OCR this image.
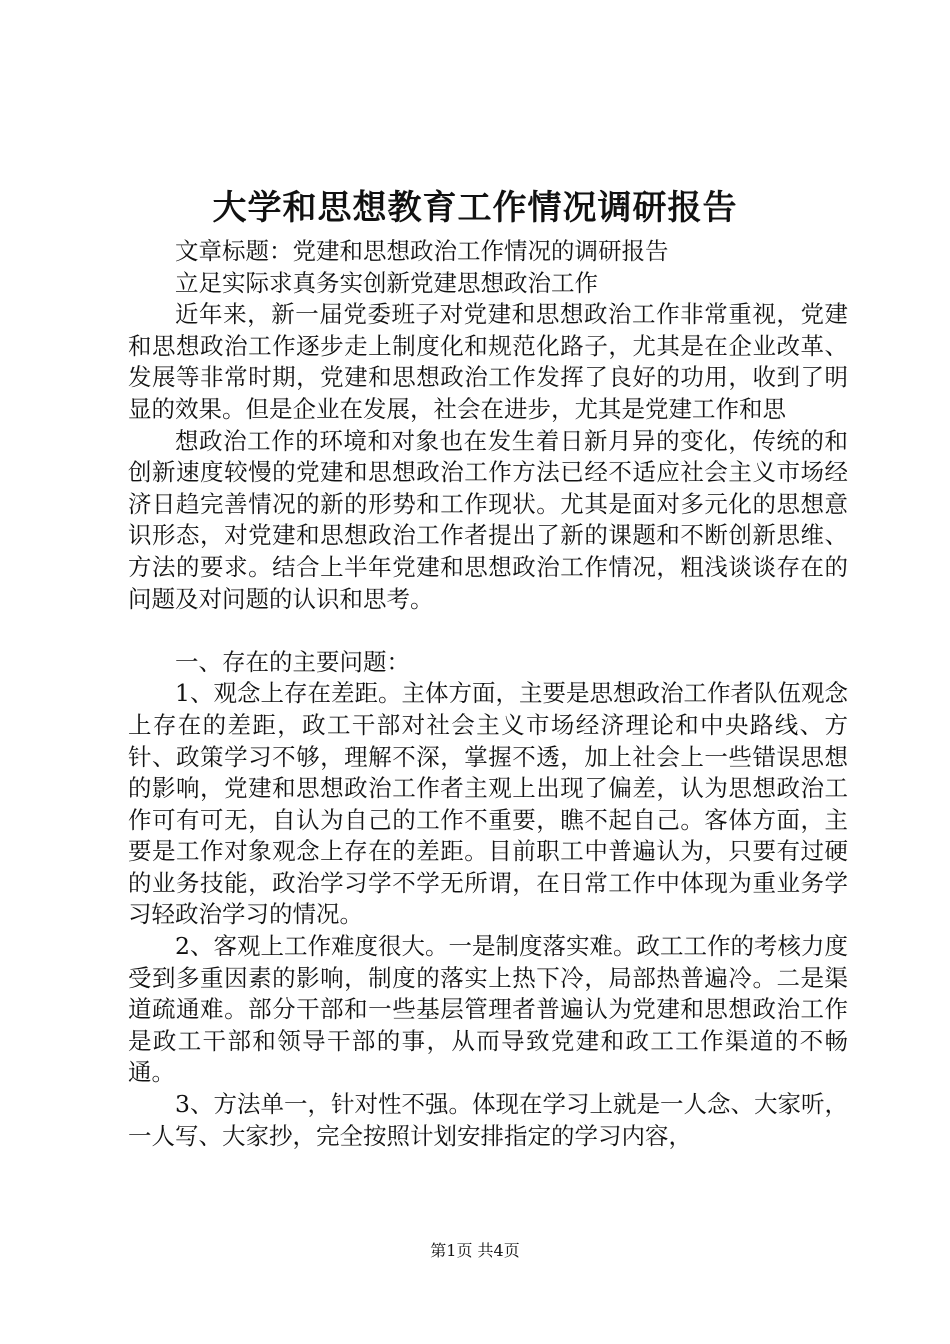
大学和思想教育工作情况调研报告

文章标题：党建和思想政治工作情况的调研报告

立足实际求真务实创新党建思想政治工作

近年来，新一届党委班子对党建和思想政治工作非常重视，党建和思想政治工作逐步走上制度化和规范化路子，尤其是在企业改革、发展等非常时期，党建和思想政治工作发挥了良好的功用，收到了明显的效果。但是企业在发展，社会在进步，尤其是党建工作和思

想政治工作的环境和对象也在发生着日新月异的变化，传统的和创新速度较慢的党建和思想政治工作方法已经不适应社会主义市场经济日趋完善情况的新的形势和工作现状。尤其是面对多元化的思想意识形态，对党建和思想政治工作者提出了新的课题和不断创新思维、方法的要求。结合上半年党建和思想政治工作情况，粗浅谈谈存在的问题及对问题的认识和思考。

一、存在的主要问题：

1、观念上存在差距。主体方面，主要是思想政治工作者队伍观念上存在的差距，政工干部对社会主义市场经济理论和中央路线、方针、政策学习不够，理解不深，掌握不透，加上社会上一些错误思想的影响，党建和思想政治工作者主观上出现了偏差，认为思想政治工作可有可无，自认为自己的工作不重要，瞧不起自己。客体方面，主要是工作对象观念上存在的差距。目前职工中普遍认为，只要有过硬的业务技能，政治学习学不学无所谓，在日常工作中体现为重业务学习轻政治学习的情况。

2、客观上工作难度很大。一是制度落实难。政工工作的考核力度受到多重因素的影响，制度的落实上热下冷，局部热普遍冷。二是渠道疏通难。部分干部和一些基层管理者普遍认为党建和思想政治工作是政工干部和领导干部的事，从而导致党建和政工工作渠道的不畅通。

3、方法单一，针对性不强。体现在学习上就是一人念、大家听，一人写、大家抄，完全按照计划安排指定的学习内容，

第1页 共4页
